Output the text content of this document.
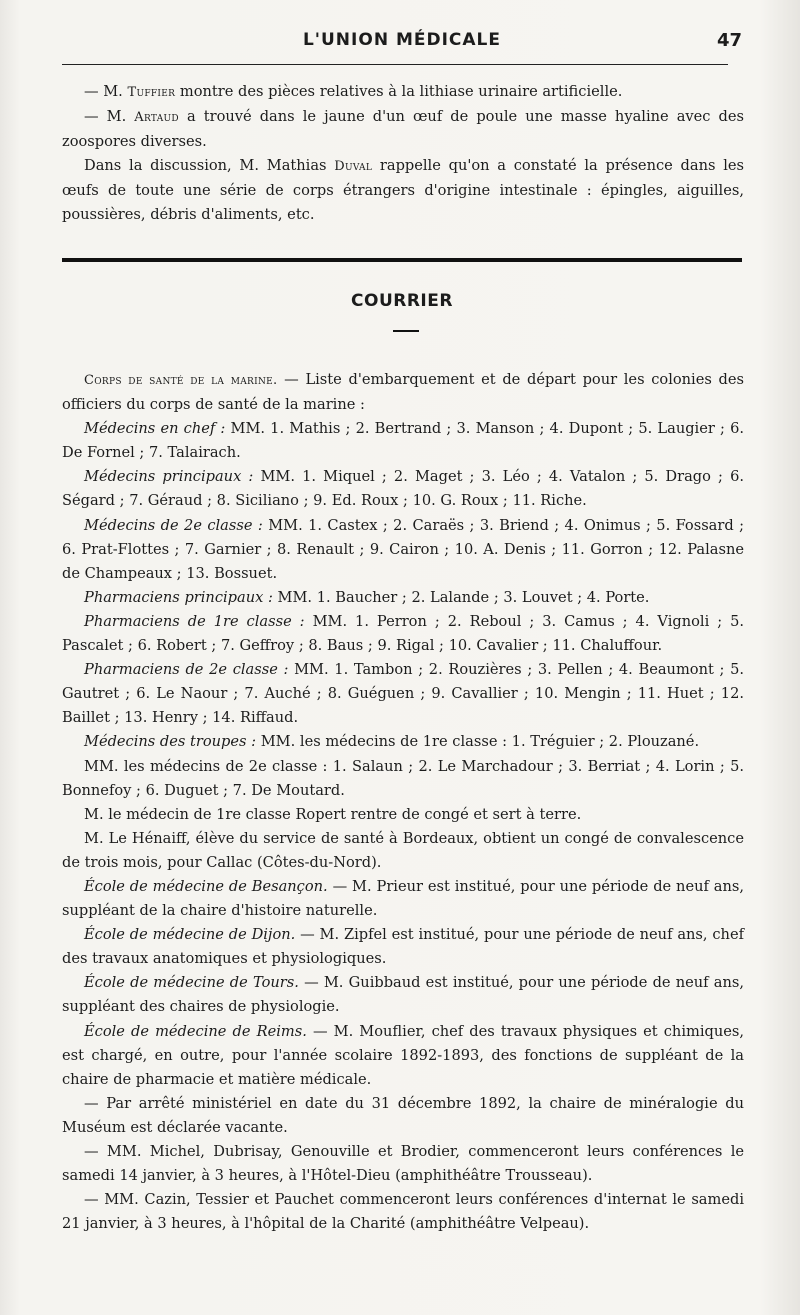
L'UNION MÉDICALE	47

— M. Tuffier montre des pièces relatives à la lithiase urinaire artificielle.

— M. Artaud a trouvé dans le jaune d'un œuf de poule une masse hyaline avec des zoospores diverses.

Dans la discussion, M. Mathias Duval rappelle qu'on a constaté la présence dans les œufs de toute une série de corps étrangers d'origine intestinale : épingles, aiguilles, poussières, débris d'aliments, etc.

COURRIER

Corps de santé de la marine. — Liste d'embarquement et de départ pour les colonies des officiers du corps de santé de la marine :

Médecins en chef : MM. 1. Mathis ; 2. Bertrand ; 3. Manson ; 4. Dupont ; 5. Laugier ; 6. De Fornel ; 7. Talairach.

Médecins principaux : MM. 1. Miquel ; 2. Maget ; 3. Léo ; 4. Vatalon ; 5. Drago ; 6. Ségard ; 7. Géraud ; 8. Siciliano ; 9. Ed. Roux ; 10. G. Roux ; 11. Riche.

Médecins de 2e classe : MM. 1. Castex ; 2. Caraës ; 3. Briend ; 4. Onimus ; 5. Fossard ; 6. Prat-Flottes ; 7. Garnier ; 8. Renault ; 9. Cairon ; 10. A. Denis ; 11. Gorron ; 12. Palasne de Champeaux ; 13. Bossuet.

Pharmaciens principaux : MM. 1. Baucher ; 2. Lalande ; 3. Louvet ; 4. Porte.

Pharmaciens de 1re classe : MM. 1. Perron ; 2. Reboul ; 3. Camus ; 4. Vignoli ; 5. Pascalet ; 6. Robert ; 7. Geffroy ; 8. Baus ; 9. Rigal ; 10. Cavalier ; 11. Chaluffour.

Pharmaciens de 2e classe : MM. 1. Tambon ; 2. Rouzières ; 3. Pellen ; 4. Beaumont ; 5. Gautret ; 6. Le Naour ; 7. Auché ; 8. Guéguen ; 9. Cavallier ; 10. Mengin ; 11. Huet ; 12. Baillet ; 13. Henry ; 14. Riffaud.

Médecins des troupes : MM. les médecins de 1re classe : 1. Tréguier ; 2. Plouzané.

MM. les médecins de 2e classe : 1. Salaun ; 2. Le Marchadour ; 3. Berriat ; 4. Lorin ; 5. Bonnefoy ; 6. Duguet ; 7. De Moutard.

M. le médecin de 1re classe Ropert rentre de congé et sert à terre.

M. Le Hénaiff, élève du service de santé à Bordeaux, obtient un congé de convalescence de trois mois, pour Callac (Côtes-du-Nord).

École de médecine de Besançon. — M. Prieur est institué, pour une période de neuf ans, suppléant de la chaire d'histoire naturelle.

École de médecine de Dijon. — M. Zipfel est institué, pour une période de neuf ans, chef des travaux anatomiques et physiologiques.

École de médecine de Tours. — M. Guibbaud est institué, pour une période de neuf ans, suppléant des chaires de physiologie.

École de médecine de Reims. — M. Mouflier, chef des travaux physiques et chimiques, est chargé, en outre, pour l'année scolaire 1892-1893, des fonctions de suppléant de la chaire de pharmacie et matière médicale.

— Par arrêté ministériel en date du 31 décembre 1892, la chaire de minéralogie du Muséum est déclarée vacante.

— MM. Michel, Dubrisay, Genouville et Brodier, commenceront leurs conférences le samedi 14 janvier, à 3 heures, à l'Hôtel-Dieu (amphithéâtre Trousseau).

— MM. Cazin, Tessier et Pauchet commenceront leurs conférences d'internat le samedi 21 janvier, à 3 heures, à l'hôpital de la Charité (amphithéâtre Velpeau).
